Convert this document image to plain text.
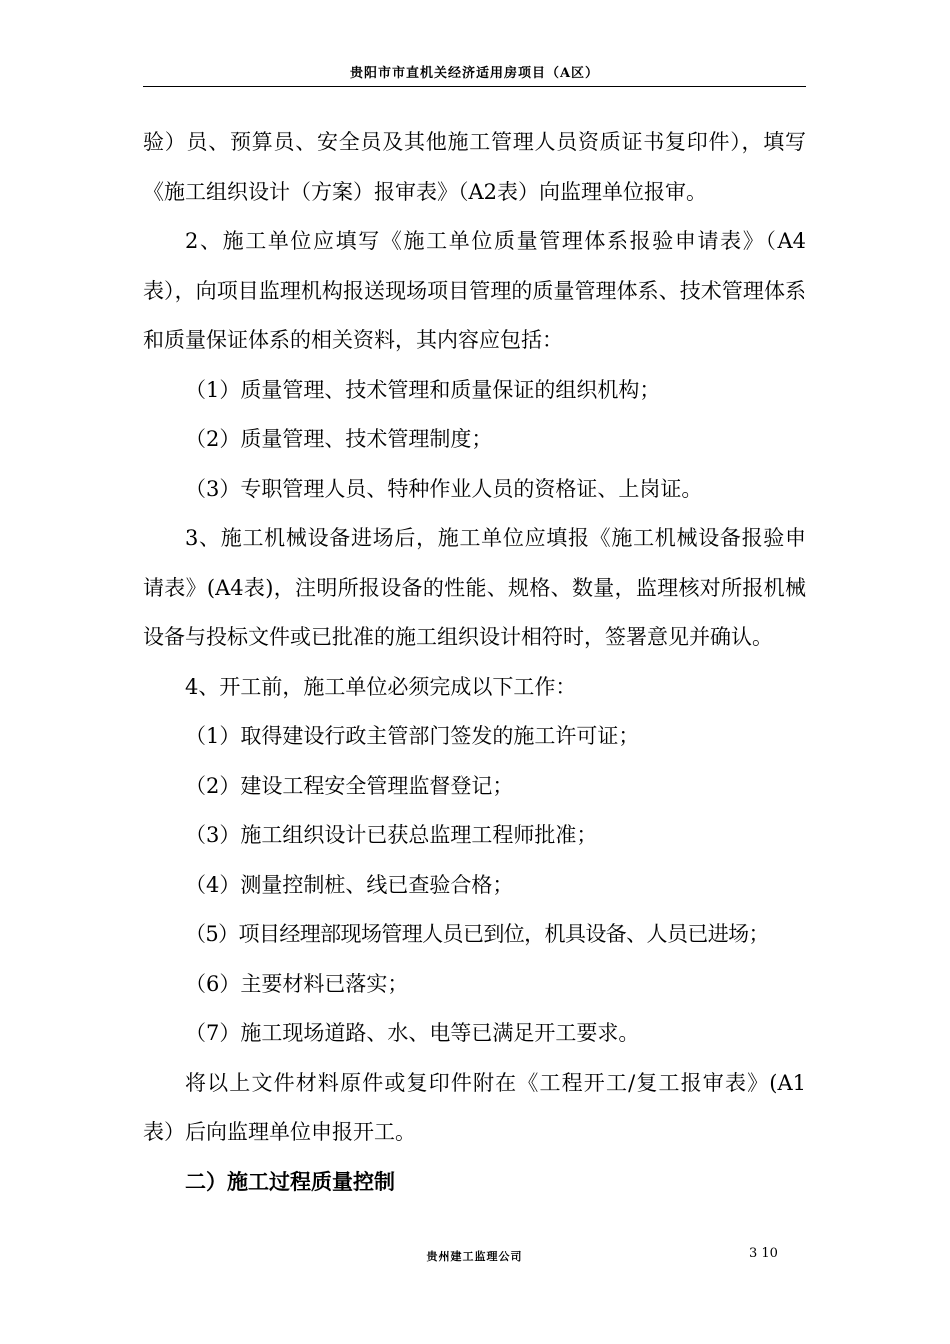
贵阳市市直机关经济适用房项目（A区）

验）员、预算员、安全员及其他施工管理人员资质证书复印件），填写《施工组织设计（方案）报审表》（A2表）向监理单位报审。

2、施工单位应填写《施工单位质量管理体系报验申请表》（A4表），向项目监理机构报送现场项目管理的质量管理体系、技术管理体系和质量保证体系的相关资料，其内容应包括：

（1）质量管理、技术管理和质量保证的组织机构；

（2）质量管理、技术管理制度；

（3）专职管理人员、特种作业人员的资格证、上岗证。

3、施工机械设备进场后，施工单位应填报《施工机械设备报验申请表》(A4表)，注明所报设备的性能、规格、数量，监理核对所报机械设备与投标文件或已批准的施工组织设计相符时，签署意见并确认。

4、开工前，施工单位必须完成以下工作：

（1）取得建设行政主管部门签发的施工许可证；

（2）建设工程安全管理监督登记；

（3）施工组织设计已获总监理工程师批准；

（4）测量控制桩、线已查验合格；

（5）项目经理部现场管理人员已到位，机具设备、人员已进场；

（6）主要材料已落实；

（7）施工现场道路、水、电等已满足开工要求。

将以上文件材料原件或复印件附在《工程开工/复工报审表》(A1表）后向监理单位申报开工。

二）施工过程质量控制

贵州建工监理公司	3 10
